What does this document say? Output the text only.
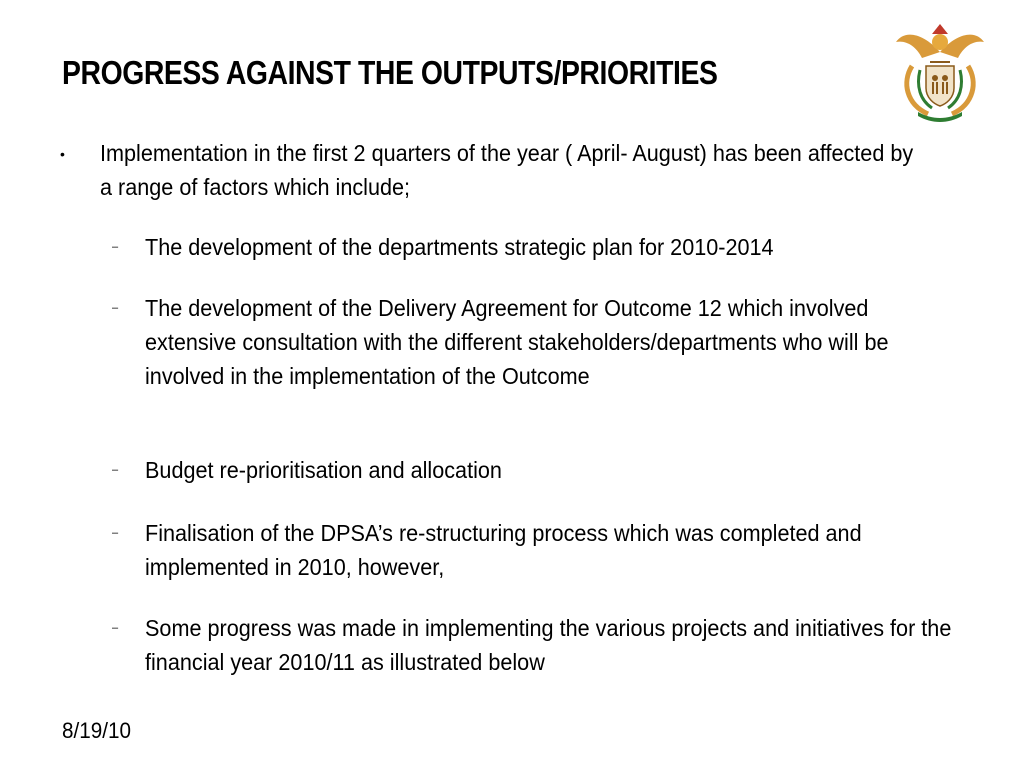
PROGRESS AGAINST THE OUTPUTS/PRIORITIES
• Implementation in the first 2 quarters of the year ( April- August) has been affected by a range of factors which include;
– The development of the departments strategic plan for 2010-2014
– The development of the Delivery Agreement for Outcome 12 which involved extensive consultation with the different stakeholders/departments who will be involved in the implementation of the Outcome
– Budget re-prioritisation and allocation
– Finalisation of the DPSA’s re-structuring process which was completed and implemented in 2010, however,
– Some progress was made in implementing the various projects and initiatives for the financial year 2010/11 as illustrated below
8/19/10
